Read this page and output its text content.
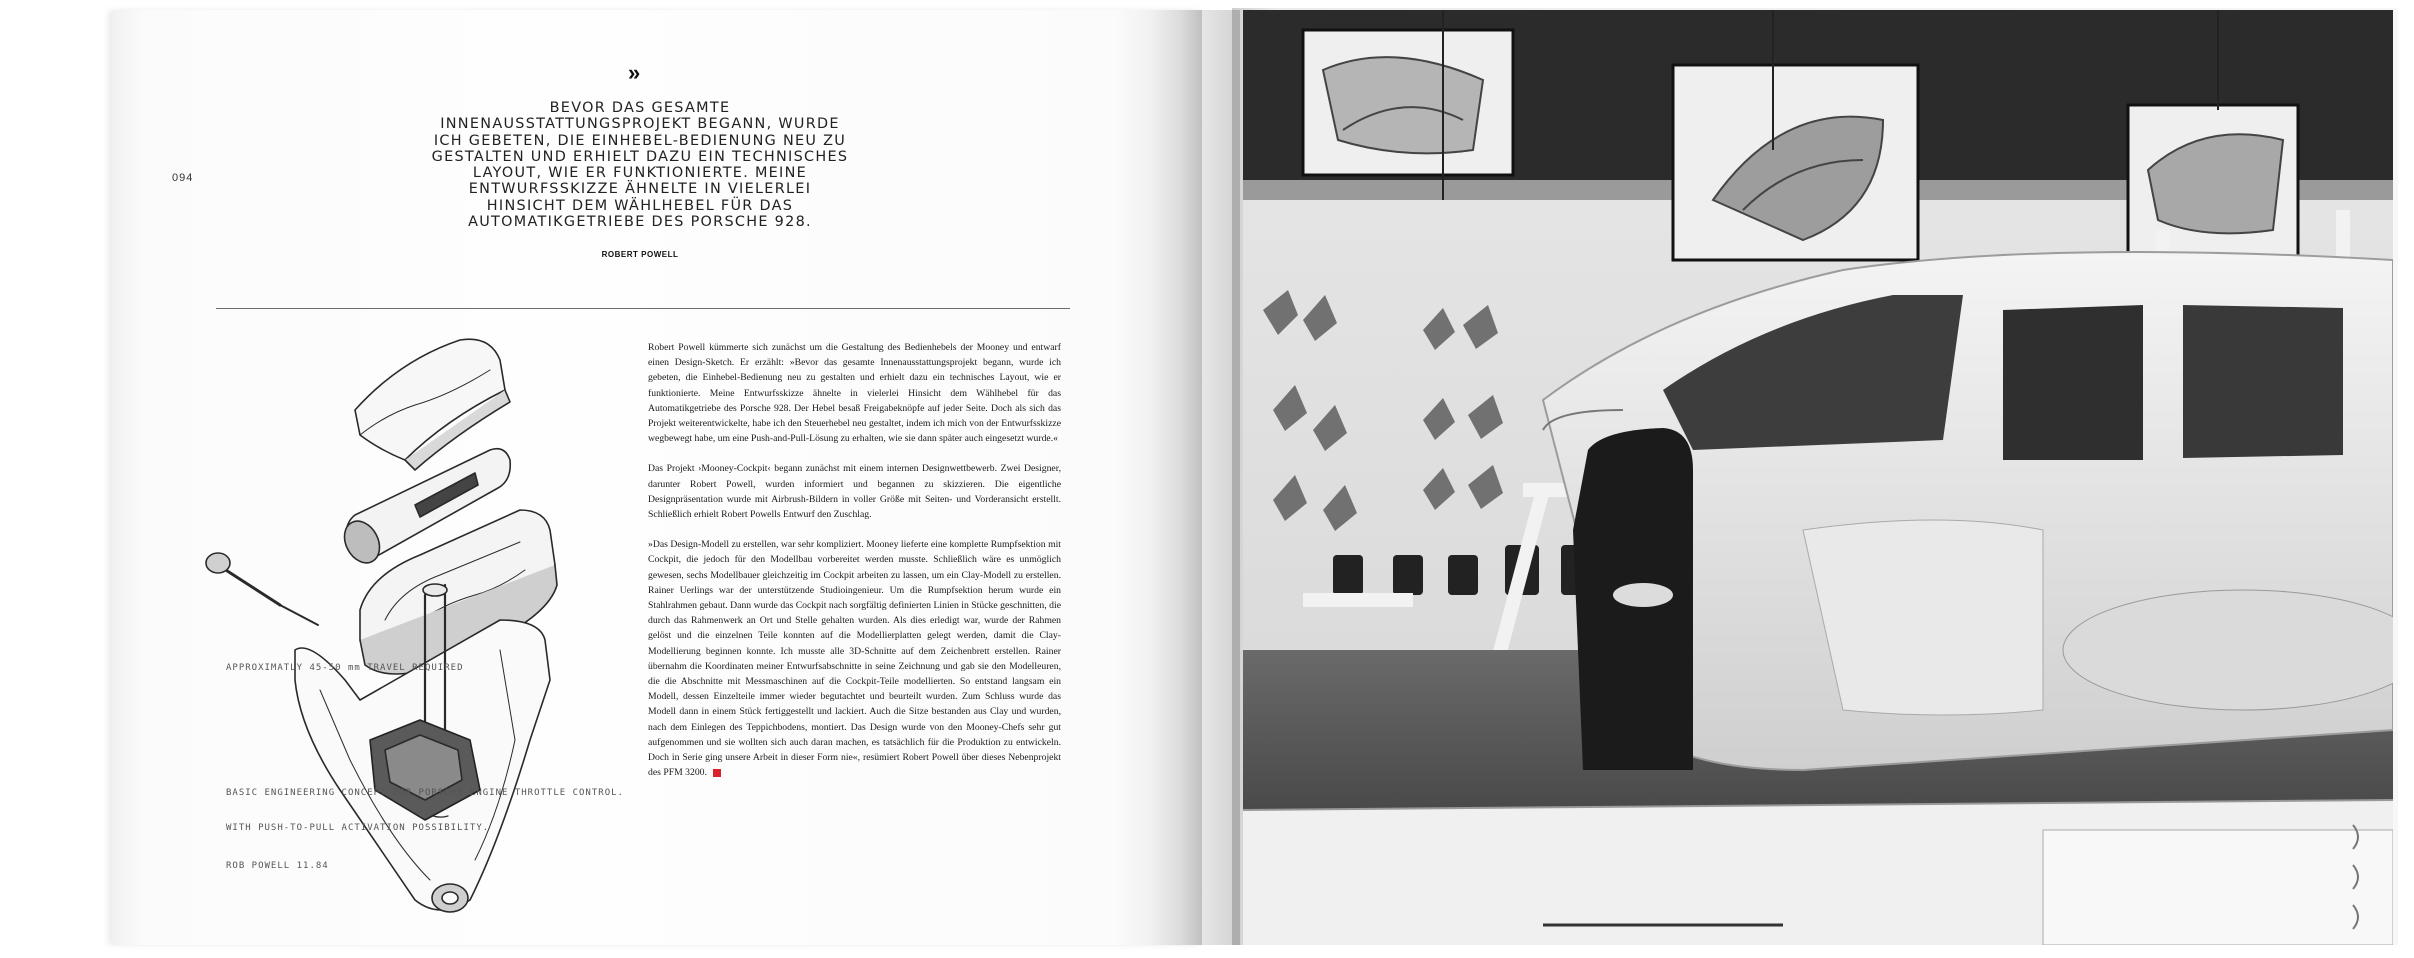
094
»
BEVOR DAS GESAMTE INNENAUSSTATTUNGSPROJEKT BEGANN, WURDE ICH GEBETEN, DIE EINHEBEL-BEDIENUNG NEU ZU GESTALTEN UND ERHIELT DAZU EIN TECHNISCHES LAYOUT, WIE ER FUNKTIONIERTE. MEINE ENTWURFSSKIZZE ÄHNELTE IN VIELERLEI HINSICHT DEM WÄHLHEBEL FÜR DAS AUTOMATIKGETRIEBE DES PORSCHE 928.
ROBERT POWELL
APPROXIMATLY 45-50 mm TRAVEL REQUIRED
BASIC ENGINEERING CONCEPT FOR PORSCHE ENGINE THROTTLE CONTROL.
WITH PUSH-TO-PULL ACTIVATION POSSIBILITY.
ROB POWELL 11.84

Robert Powell kümmerte sich zunächst um die Gestaltung des Bedienhebels der Mooney und entwarf einen Design-Sketch. Er erzählt: »Bevor das gesamte Innenausstattungsprojekt begann, wurde ich gebeten, die Einhebel-Bedienung neu zu gestalten und erhielt dazu ein technisches Layout, wie er funktionierte. Meine Entwurfsskizze ähnelte in vielerlei Hinsicht dem Wählhebel für das Automatikgetriebe des Porsche 928. Der Hebel besaß Freigabeknöpfe auf jeder Seite. Doch als sich das Projekt weiterentwickelte, habe ich den Steuerhebel neu gestaltet, indem ich mich von der Entwurfsskizze wegbewegt habe, um eine Push-and-Pull-Lösung zu erhalten, wie sie dann später auch eingesetzt wurde.«

Das Projekt ›Mooney-Cockpit‹ begann zunächst mit einem internen Designwettbewerb. Zwei Designer, darunter Robert Powell, wurden informiert und begannen zu skizzieren. Die eigentliche Designpräsentation wurde mit Airbrush-Bildern in voller Größe mit Seiten- und Vorderansicht erstellt. Schließlich erhielt Robert Powells Entwurf den Zuschlag.

»Das Design-Modell zu erstellen, war sehr kompliziert. Mooney lieferte eine komplette Rumpfsektion mit Cockpit, die jedoch für den Modellbau vorbereitet werden musste. Schließlich wäre es unmöglich gewesen, sechs Modellbauer gleichzeitig im Cockpit arbeiten zu lassen, um ein Clay-Modell zu erstellen. Rainer Uerlings war der unterstützende Studioingenieur. Um die Rumpfsektion herum wurde ein Stahlrahmen gebaut. Dann wurde das Cockpit nach sorgfältig definierten Linien in Stücke geschnitten, die durch das Rahmenwerk an Ort und Stelle gehalten wurden. Als dies erledigt war, wurde der Rahmen gelöst und die einzelnen Teile konnten auf die Modellierplatten gelegt werden, damit die Clay-Modellierung beginnen konnte. Ich musste alle 3D-Schnitte auf dem Zeichenbrett erstellen. Rainer übernahm die Koordinaten meiner Entwurfsabschnitte in seine Zeichnung und gab sie den Modelleuren, die die Abschnitte mit Messmaschinen auf die Cockpit-Teile modellierten. So entstand langsam ein Modell, dessen Einzelteile immer wieder begutachtet und beurteilt wurden. Zum Schluss wurde das Modell dann in einem Stück fertiggestellt und lackiert. Auch die Sitze bestanden aus Clay und wurden, nach dem Einlegen des Teppichbodens, montiert. Das Design wurde von den Mooney-Chefs sehr gut aufgenommen und sie wollten sich auch daran machen, es tatsächlich für die Produktion zu entwickeln. Doch in Serie ging unsere Arbeit in dieser Form nie«, resümiert Robert Powell über dieses Nebenprojekt des PFM 3200.
